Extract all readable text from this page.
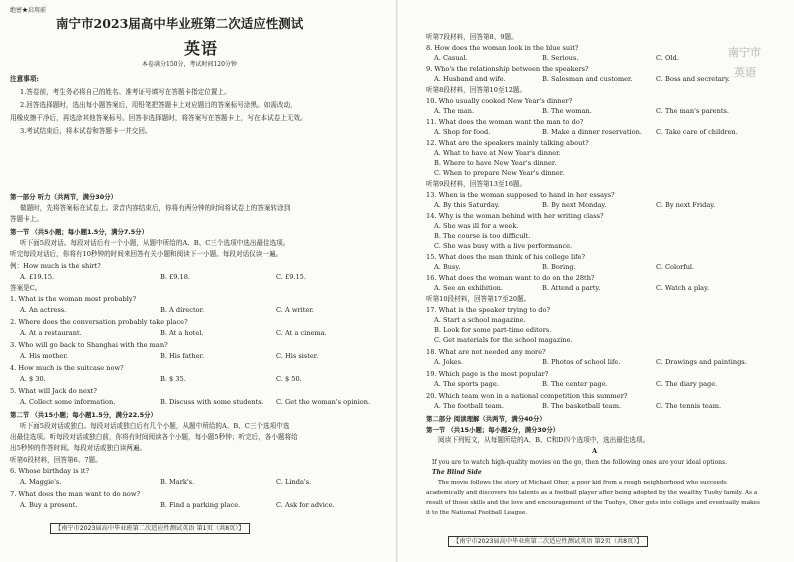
绝密★启用前
南宁市2023届高中毕业班第二次适应性测试
英语
本卷满分150分，考试时间120分钟
注意事项:
1.答卷前，考生务必将自己的姓名、准考证号填写在答题卡指定位置上。
2.回答选择题时，选出每小题答案后，用铅笔把答题卡上对应题目的答案标号涂黑。如需改动，
用橡皮擦干净后，再选涂其他答案标号。回答非选择题时，将答案写在答题卡上，写在本试卷上无效。
3.考试结束后，将本试卷和答题卡一并交回。
第一部分 听力（共两节，满分30分）
做题时，先将答案标在试卷上。录音内容结束后，你将有两分钟的时间将试卷上的答案转涂到
答题卡上。
第一节 （共5小题；每小题1.5分，满分7.5分）
听下面5段对话。每段对话后有一个小题，从题中所给的A、B、C三个选项中选出最佳选项。
听完每段对话后，你将有10秒钟的时间来回答有关小题和阅读下一小题。每段对话仅读一遍。
例：How much is the shirt?
A. £19.15.	B. £9.18.	C. £9.15.
答案是C。
1. What is the woman most probably?
A. An actress.	B. A director.	C. A writer.
2. Where does the conversation probably take place?
A. At a restaurant.	B. At a hotel.	C. At a cinema.
3. Who will go back to Shanghai with the man?
A. His mother.	B. His father.	C. His sister.
4. How much is the suitcase now?
A. $ 30.	B. $ 35.	C. $ 50.
5. What will Jack do next?
A. Collect some information.	B. Discuss with some students. C. Get the woman's opinion.
第二节 （共15小题；每小题1.5分，满分22.5分）
听下面5段对话或独白。每段对话或独白后有几个小题，从题中所给的A、B、C三个选项中选
出最佳选项。听每段对话或独白前，你将有时间阅读各个小题，每小题5秒钟；听完后，各小题将给
出5秒钟的作答时间。每段对话或独白读两遍。
听第6段材料，回答第6、7题。
6. Whose birthday is it?
A. Maggie's.	B. Mark's.	C. Linda's.
7. What does the man want to do now?
A. Buy a present.	B. Find a parking place.	C. Ask for advice.
【南宁市2023届高中毕业班第二次适应性测试英语 第1页（共8页）】
南宁市
英语
听第7段材料，回答第8、9题。
8. How does the woman look in the blue suit?
A. Casual.	B. Serious.	C. Old.
9. Who's the relationship between the speakers?
A. Husband and wife.	B. Salesman and customer.	C. Boss and secretary.
听第8段材料，回答第10至12题。
10. Who usually cooked New Year's dinner?
A. The man.	B. The woman.	C. The man's parents.
11. What does the woman want the man to do?
A. Shop for food.	B. Make a dinner reservation. C. Take care of children.
12. What are the speakers mainly talking about?
A. What to have at New Year's dinner.
B. Where to have New Year's dinner.
C. When to prepare New Year's dinner.
听第9段材料，回答第13至16题。
13. When is the woman supposed to hand in her essays?
A. By this Saturday.	B. By next Monday.	C. By next Friday.
14. Why is the woman behind with her writing class?
A. She was ill for a week.
B. The course is too difficult.
C. She was busy with a live performance.
15. What does the man think of his college life?
A. Busy.	B. Boring.	C. Colorful.
16. What does the woman want to do on the 28th?
A. See an exhibition.	B. Attend a party.	C. Watch a play.
听第10段材料，回答第17至20题。
17. What is the speaker trying to do?
A. Start a school magazine.
B. Look for some part-time editors.
C. Get materials for the school magazine.
18. What are not needed any more?
A. Jokes.	B. Photos of school life.	C. Drawings and paintings.
19. Which page is the most popular?
A. The sports page.	B. The center page.	C. The diary page.
20. Which team won in a national competition this summer?
A. The football team.	B. The basketball team.	C. The tennis team.
第二部分 阅读理解（共两节，满分40分）
第一节 （共15小题；每小题2分，满分30分）
阅读下列短文，从每题所给的A、B、C和D四个选项中，选出最佳选项。
A
If you are to watch high-quality movies on the go, then the following ones are your ideal options.
The Blind Side
The movie follows the story of Michael Oher, a poor kid from a rough neighborhood who succeeds
academically and discovers his talents as a football player after being adopted by the wealthy Tuohy family. As a
result of those skills and the love and encouragement of the Tuohys, Oher gets into college and eventually makes
it to the National Football League.
【南宁市2023届高中毕业班第二次适应性测试英语 第2页（共8页）】
